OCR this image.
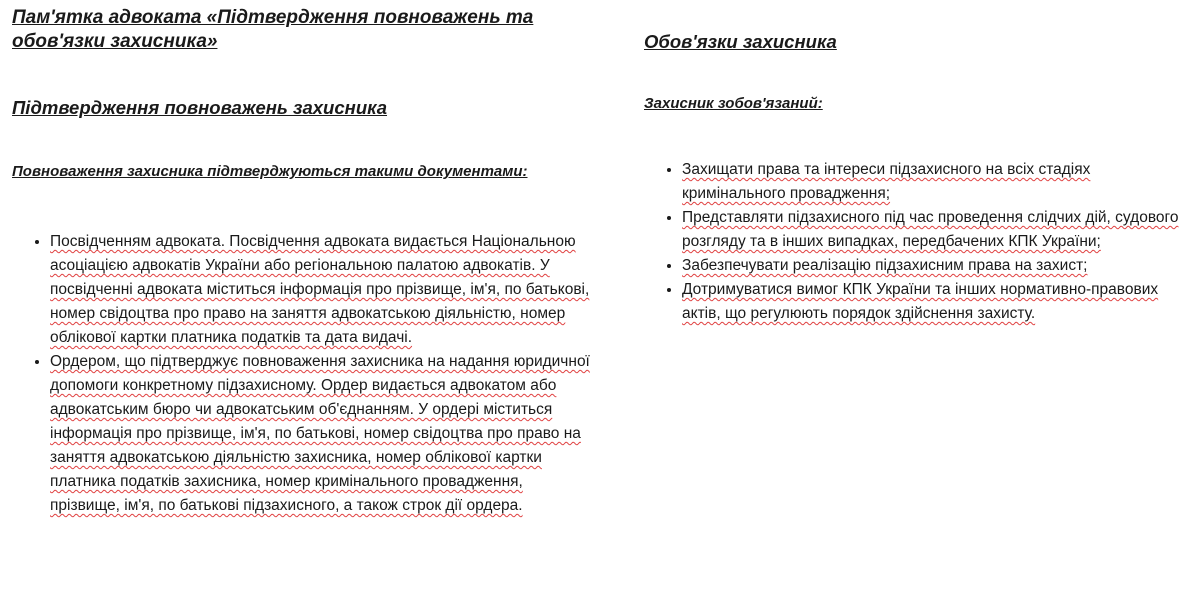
Пам'ятка адвоката «Підтвердження повноважень та обов'язки захисника»
Підтвердження повноважень захисника
Повноваження захисника підтверджуються такими документами:
• Посвідченням адвоката. Посвідчення адвоката видається Національною асоціацією адвокатів України або регіональною палатою адвокатів. У посвідченні адвоката міститься інформація про прізвище, ім'я, по батькові, номер свідоцтва про право на заняття адвокатською діяльністю, номер облікової картки платника податків та дата видачі.
• Ордером, що підтверджує повноваження захисника на надання юридичної допомоги конкретному підзахисному. Ордер видається адвокатом або адвокатським бюро чи адвокатським об'єднанням. У ордері міститься інформація про прізвище, ім'я, по батькові, номер свідоцтва про право на заняття адвокатською діяльністю захисника, номер облікової картки платника податків захисника, номер кримінального провадження, прізвище, ім'я, по батькові підзахисного, а також строк дії ордера.
Обов'язки захисника
Захисник зобов'язаний:
• Захищати права та інтереси підзахисного на всіх стадіях кримінального провадження;
• Представляти підзахисного під час проведення слідчих дій, судового розгляду та в інших випадках, передбачених КПК України;
• Забезпечувати реалізацію підзахисним права на захист;
• Дотримуватися вимог КПК України та інших нормативно-правових актів, що регулюють порядок здійснення захисту.
